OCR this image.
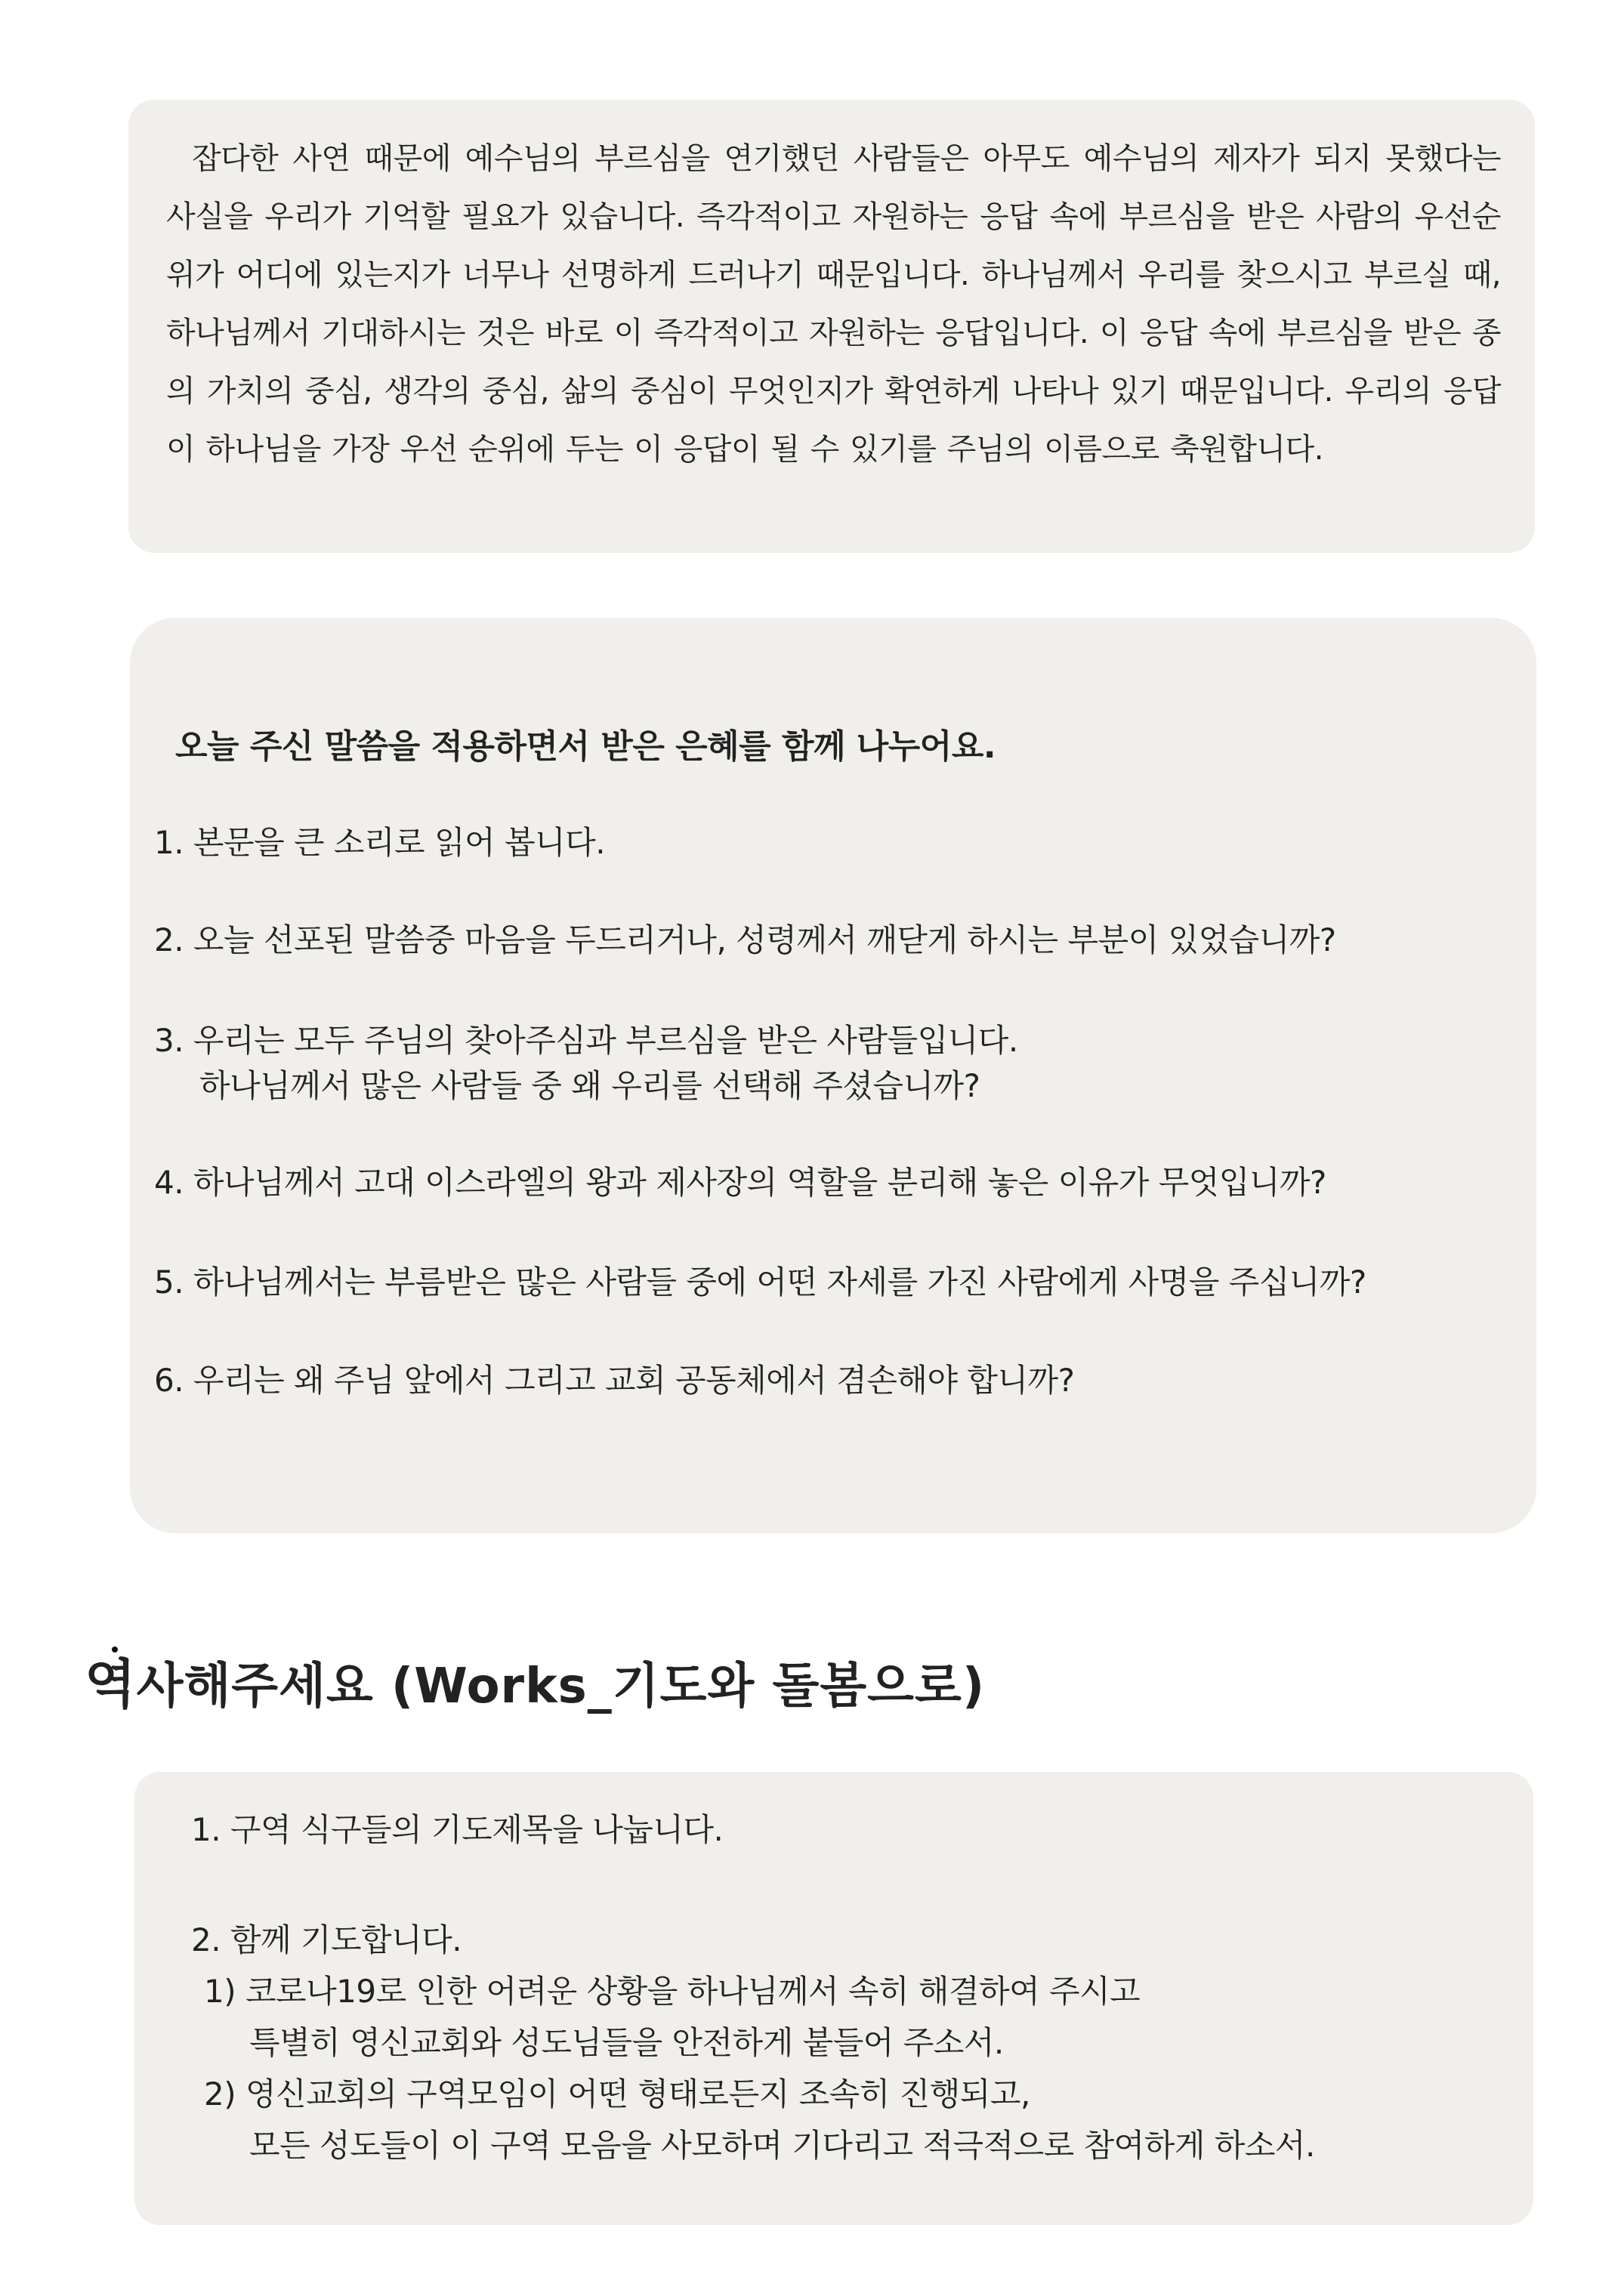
잡다한 사연 때문에 예수님의 부르심을 연기했던 사람들은 아무도 예수님의 제자가 되지 못했다는 사실을 우리가 기억할 필요가 있습니다. 즉각적이고 자원하는 응답 속에 부르심을 받은 사람의 우선순위가 어디에 있는지가 너무나 선명하게 드러나기 때문입니다. 하나님께서 우리를 찾으시고 부르실 때, 하나님께서 기대하시는 것은 바로 이 즉각적이고 자원하는 응답입니다. 이 응답 속에 부르심을 받은 종의 가치의 중심, 생각의 중심, 삶의 중심이 무엇인지가 확연하게 나타나 있기 때문입니다. 우리의 응답이 하나님을 가장 우선 순위에 두는 이 응답이 될 수 있기를 주님의 이름으로 축원합니다.

오늘 주신 말씀을 적용하면서 받은 은혜를 함께 나누어요.

1. 본문을 큰 소리로 읽어 봅니다.

2. 오늘 선포된 말씀중 마음을 두드리거나, 성령께서 깨닫게 하시는 부분이 있었습니까?

3. 우리는 모두 주님의 찾아주심과 부르심을 받은 사람들입니다.
하나님께서 많은 사람들 중 왜 우리를 선택해 주셨습니까?

4. 하나님께서 고대 이스라엘의 왕과 제사장의 역할을 분리해 놓은 이유가 무엇입니까?

5. 하나님께서는 부름받은 많은 사람들 중에 어떤 자세를 가진 사람에게 사명을 주십니까?

6. 우리는 왜 주님 앞에서 그리고 교회 공동체에서 겸손해야 합니까?

역사해주세요 (Works_기도와 돌봄으로)

1. 구역 식구들의 기도제목을 나눕니다.

2. 함께 기도합니다.

1) 코로나19로 인한 어려운 상황을 하나님께서 속히 해결하여 주시고

특별히 영신교회와 성도님들을 안전하게 붙들어 주소서.

2) 영신교회의 구역모임이 어떤 형태로든지 조속히 진행되고,

모든 성도들이 이 구역 모음을 사모하며 기다리고 적극적으로 참여하게 하소서.
